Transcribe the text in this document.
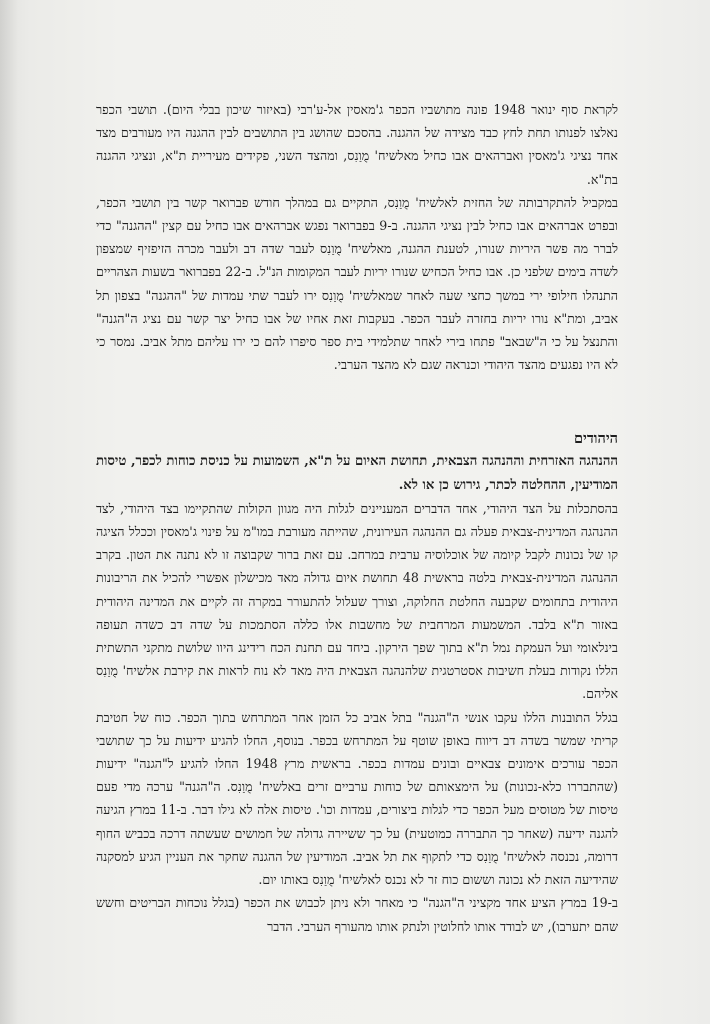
לקראת סוף ינואר 1948 פונה מתושביו הכפר ג'מאסין אל-ע'רבי (באיזור שיכון בבלי היום). תושבי הכפר נאלצו לפנותו תחת לחץ כבד מצידה של ההגנה. בהסכם שהושג בין התושבים לבין ההגנה היו מעורבים מצד אחד נציגי ג'מאסין ואברהאים אבו כחיל מאלשיח' מֻוַנִס, ומהצד השני, פקידים מעיריית ת"א, ונציגי ההגנה בת"א.

במקביל להתקרבותה של החזית לאלשיח' מֻוַנִס, התקיים גם במהלך חודש פברואר קשר בין תושבי הכפר, ובפרט אברהאים אבו כחיל לבין נציגי ההגנה. ב-9 בפברואר נפגש אברהאים אבו כחיל עם קצין "ההגנה" כדי לברר מה פשר היריות שנורו, לטענת ההגנה, מאלשיח' מֻוַנִס לעבר שדה דב ולעבר מכרה הזיפזיף שמצפון לשדה בימים שלפני כן. אבו כחיל הכחיש שנורו יריות לעבר המקומות הנ"ל. ב-22 בפברואר בשעות הצהריים התנהלו חילופי ירי במשך כחצי שעה לאחר שמאלשיח' מֻוַנִס ירו לעבר שתי עמדות של "ההגנה" בצפון תל אביב, ומת"א נורו יריות בחזרה לעבר הכפר. בעקבות זאת אחיו של אבו כחיל יצר קשר עם נציג ה"הגנה" והתנצל על כי ה"שבאב" פתחו בירי לאחר שתלמידי בית ספר סיפרו להם כי ירו עליהם מתל אביב. נמסר כי לא היו נפגעים מהצד היהודי וכנראה שגם לא מהצד הערבי.

היהודים

ההנהגה האזרחית וההנהגה הצבאית, תחושת האיום על ת"א, השמועות על כניסת כוחות לכפר, טיסות המודיעין, ההחלטה לכתר, גירוש כן או לא.

בהסתכלות על הצד היהודי, אחד הדברים המעניינים לגלות היה מגוון הקולות שהתקיימו בצד היהודי, לצד ההנהגה המדינית-צבאית פעלה גם ההנהגה העירונית, שהייתה מעורבת במו"מ על פינוי ג'מאסין וככלל הציגה קו של נכונות לקבל קיומה של אוכלוסיה ערבית במרחב. עם זאת ברור שקבוצה זו לא נתנה את הטון. בקרב ההנהגה המדינית-צבאית בלטה בראשית 48 תחושת איום גדולה מאד מכישלון אפשרי להכיל את הריבונות היהודית בתחומים שקבעה החלטת החלוקה, וצורך שעלול להתעורר במקרה זה לקיים את המדינה היהודית באזור ת"א בלבד. המשמעות המרחבית של מחשבות אלו כללה הסתמכות על שדה דב כשדה תעופה בינלאומי ועל העמקת נמל ת"א בתוך שפך הירקון. ביחד עם תחנת הכח רידינג היוו שלושת מתקני התשתית הללו נקודות בעלת חשיבות אסטרטגית שלהנהגה הצבאית היה מאד לא נוח לראות את קירבת אלשיח' מֻוַנִס אליהם.

בגלל התובנות הללו עקבו אנשי ה"הגנה" בתל אביב כל הזמן אחר המתרחש בתוך הכפר. כוח של חטיבת קריתי שמשר בשדה דב דיווח באופן שוטף על המתרחש בכפר. בנוסף, החלו להגיע ידיעות על כך שתושבי הכפר עורכים אימונים צבאיים ובונים עמדות בכפר. בראשית מרץ 1948 החלו להגיע ל"הגנה" ידיעות (שהתבררו כלא-נכונות) על הימצאותם של כוחות ערביים זרים באלשיח' מֻוַנִס. ה"הגנה" ערכה מדי פעם טיסות של מטוסים מעל הכפר כדי לגלות ביצורים, עמדות וכו'. טיסות אלה לא גילו דבר. ב-11 במרץ הגיעה להגנה ידיעה (שאחר כך התבררה כמוטעית) על כך ששיירה גדולה של חמושים שעשתה דרכה בכביש החוף דרומה, נכנסה לאלשיח' מֻוַנִס כדי לתקוף את תל אביב. המודיעין של ההגנה שחקר את העניין הגיע למסקנה שהידיעה הזאת לא נכונה וששום כוח זר לא נכנס לאלשיח' מֻוַנִס באותו יום.

ב-19 במרץ הציע אחד מקציני ה"הגנה" כי מאחר ולא ניתן לכבוש את הכפר (בגלל נוכחות הבריטים וחשש שהם יתערבו), יש לבודד אותו לחלוטין ולנתק אותו מהעורף הערבי. הדבר
